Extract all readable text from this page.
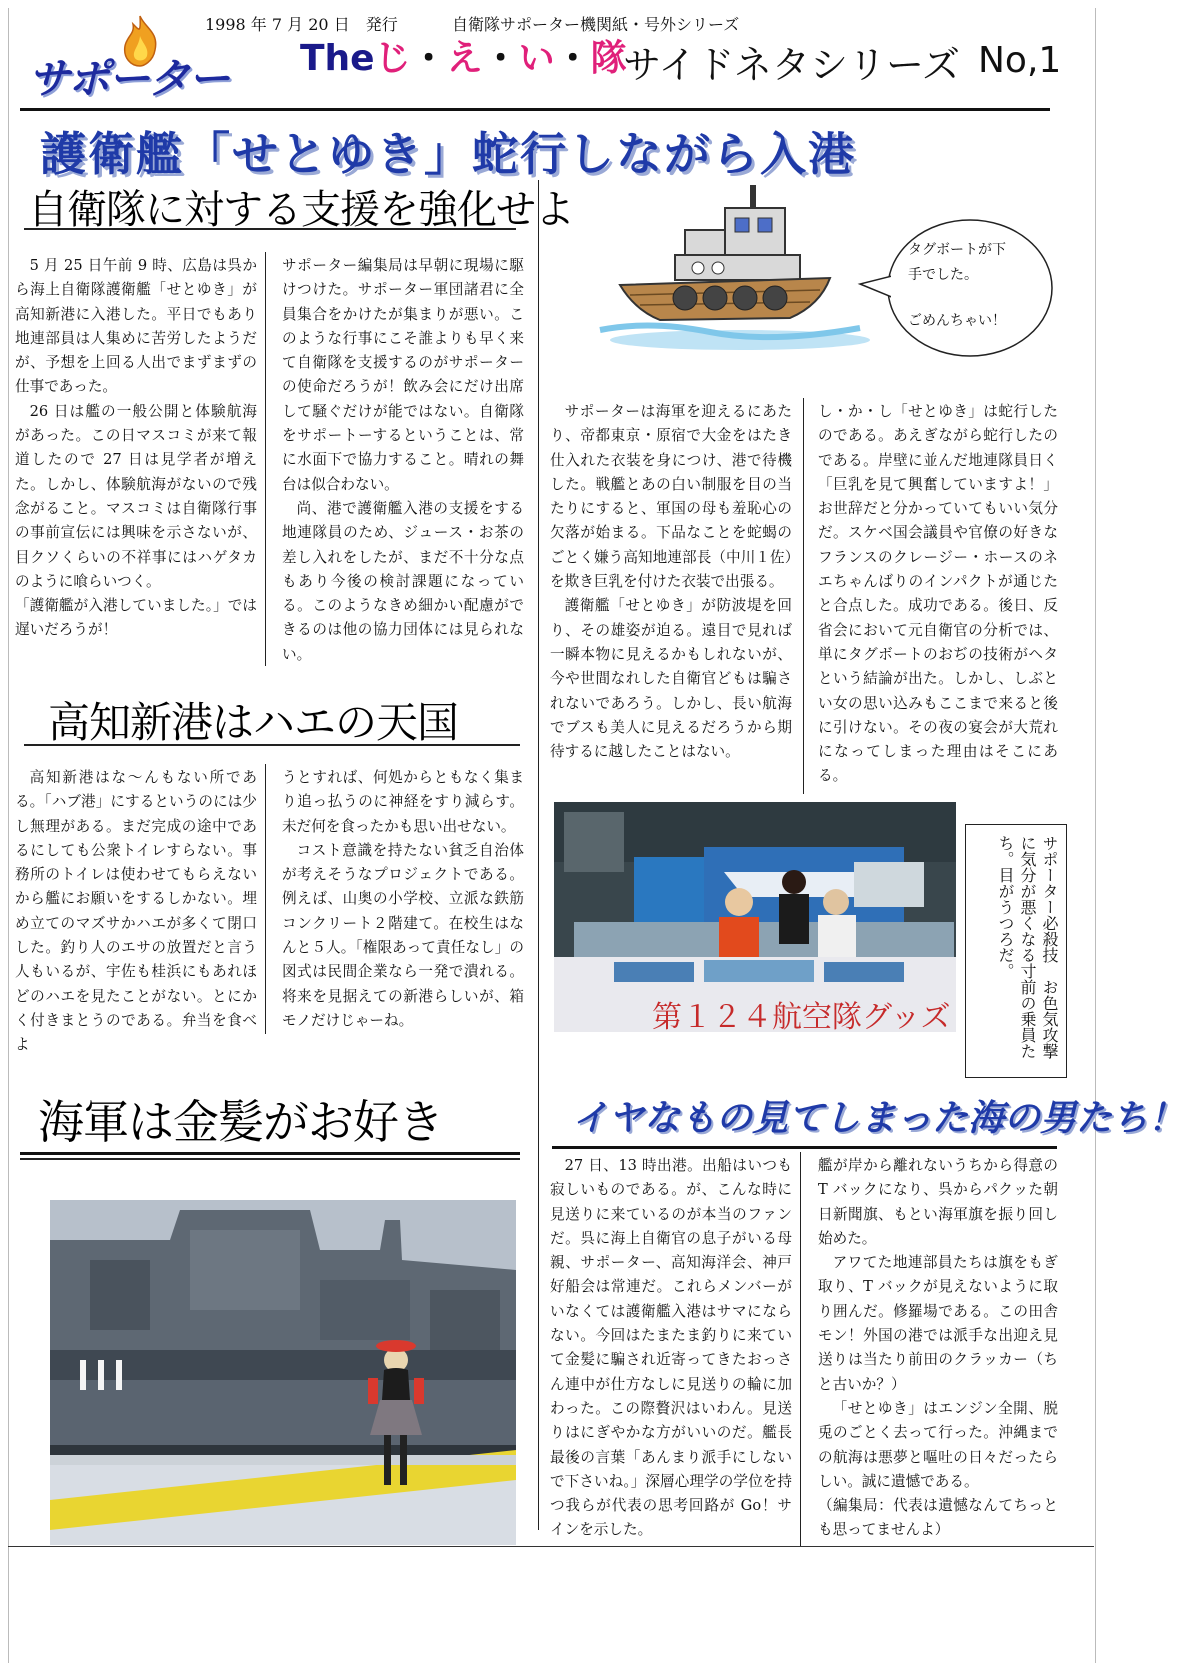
1998 年 7 月 20 日　発行	自衛隊サポーター機関紙・号外シリーズ
サポーター Theじ・え・い・隊
サイドネタシリーズ No,1
護衛艦「せとゆき」蛇行しながら入港
自衛隊に対する支援を強化せよ

5 月 25 日午前 9 時、広島は呉から海上自衛隊護衛艦「せとゆき」が高知新港に入港した。平日でもあり地連部員は人集めに苦労したようだが、予想を上回る人出でまずまずの仕事であった。

26 日は艦の一般公開と体験航海があった。この日マスコミが来て報道したので 27 日は見学者が増えた。しかし、体験航海がないので残念がること。マスコミは自衛隊行事の事前宣伝には興味を示さないが、目クソくらいの不祥事にはハゲタカのように喰らいつく。

「護衛艦が入港していました。」では遅いだろうが！

サポーター編集局は早朝に現場に駆けつけた。サポーター軍団諸君に全員集合をかけたが集まりが悪い。このような行事にこそ誰よりも早く来て自衛隊を支援するのがサポーターの使命だろうが！飲み会にだけ出席して騒ぐだけが能ではない。自衛隊をサポートーするということは、常に水面下で協力すること。晴れの舞台は似合わない。

尚、港で護衛艦入港の支援をする地連隊員のため、ジュース・お茶の差し入れをしたが、まだ不十分な点もあり今後の検討課題になっている。このようなきめ細かい配慮ができるのは他の協力団体には見られない。

タグボートが下
手でした。
ごめんちゃい！

サポーターは海軍を迎えるにあたり、帝都東京・原宿で大金をはたき仕入れた衣装を身につけ、港で待機した。戦艦とあの白い制服を目の当たりにすると、軍国の母も羞恥心の欠落が始まる。下品なことを蛇蝎のごとく嫌う高知地連部長（中川１佐）を欺き巨乳を付けた衣装で出張る。

護衛艦「せとゆき」が防波堤を回り、その雄姿が迫る。遠目で見れば一瞬本物に見えるかもしれないが、今や世間なれした自衛官どもは騙されないであろう。しかし、長い航海でブスも美人に見えるだろうから期待するに越したことはない。

し・か・し「せとゆき」は蛇行したのである。あえぎながら蛇行したのである。岸壁に並んだ地連隊員日く「巨乳を見て興奮していますよ！」お世辞だと分かっていてもいい気分だ。スケベ国会議員や官僚の好きなフランスのクレージー・ホースのネエちゃんばりのインパクトが通じたと合点した。成功である。後日、反省会において元自衛官の分析では、単にタグボートのおぢの技術がヘタという結論が出た。しかし、しぶとい女の思い込みもここまで来ると後に引けない。その夜の宴会が大荒れになってしまった理由はそこにある。

高知新港はハエの天国

高知新港はな～んもない所である。「ハブ港」にするというのには少し無理がある。まだ完成の途中であるにしても公衆トイレすらない。事務所のトイレは使わせてもらえないから艦にお願いをするしかない。埋め立てのマズサかハエが多くて閉口した。釣り人のエサの放置だと言う人もいるが、宇佐も桂浜にもあれほどのハエを見たことがない。とにかく付きまとうのである。弁当を食べよ

うとすれば、何処からともなく集まり追っ払うのに神経をすり減らす。未だ何を食ったかも思い出せない。

コスト意識を持たない貧乏自治体が考えそうなプロジェクトである。例えば、山奥の小学校、立派な鉄筋コンクリート２階建て。在校生はなんと５人。「権限あって責任なし」の図式は民間企業なら一発で潰れる。将来を見据えての新港らしいが、箱モノだけじゃーね。	第１２４航空隊グッズ	サポーター必殺技　お色気攻撃に気分が悪くなる寸前の乗員たち。目がうつろだ。
海軍は金髪がお好き	イヤなもの見てしまった海の男たち！

27 日、13 時出港。出船はいつも寂しいものである。が、こんな時に見送りに来ているのが本当のファンだ。呉に海上自衛官の息子がいる母親、サポーター、高知海洋会、神戸好船会は常連だ。これらメンバーがいなくては護衛艦入港はサマにならない。今回はたまたま釣りに来ていて金髪に騙され近寄ってきたおっさん連中が仕方なしに見送りの輪に加わった。この際贅沢はいわん。見送りはにぎやかな方がいいのだ。艦長最後の言葉「あんまり派手にしないで下さいね。」深層心理学の学位を持つ我らが代表の思考回路が Go！サインを示した。

艦が岸から離れないうちから得意の T バックになり、呉からパクッた朝日新聞旗、もとい海軍旗を振り回し始めた。

アワてた地連部員たちは旗をもぎ取り、T バックが見えないように取り囲んだ。修羅場である。この田舎モン！外国の港では派手な出迎え見送りは当たり前田のクラッカー（ちと古いか？）

「せとゆき」はエンジン全開、脱兎のごとく去って行った。沖縄までの航海は悪夢と嘔吐の日々だったらしい。誠に遺憾である。

（編集局：代表は遺憾なんてちっとも思ってませんよ）
